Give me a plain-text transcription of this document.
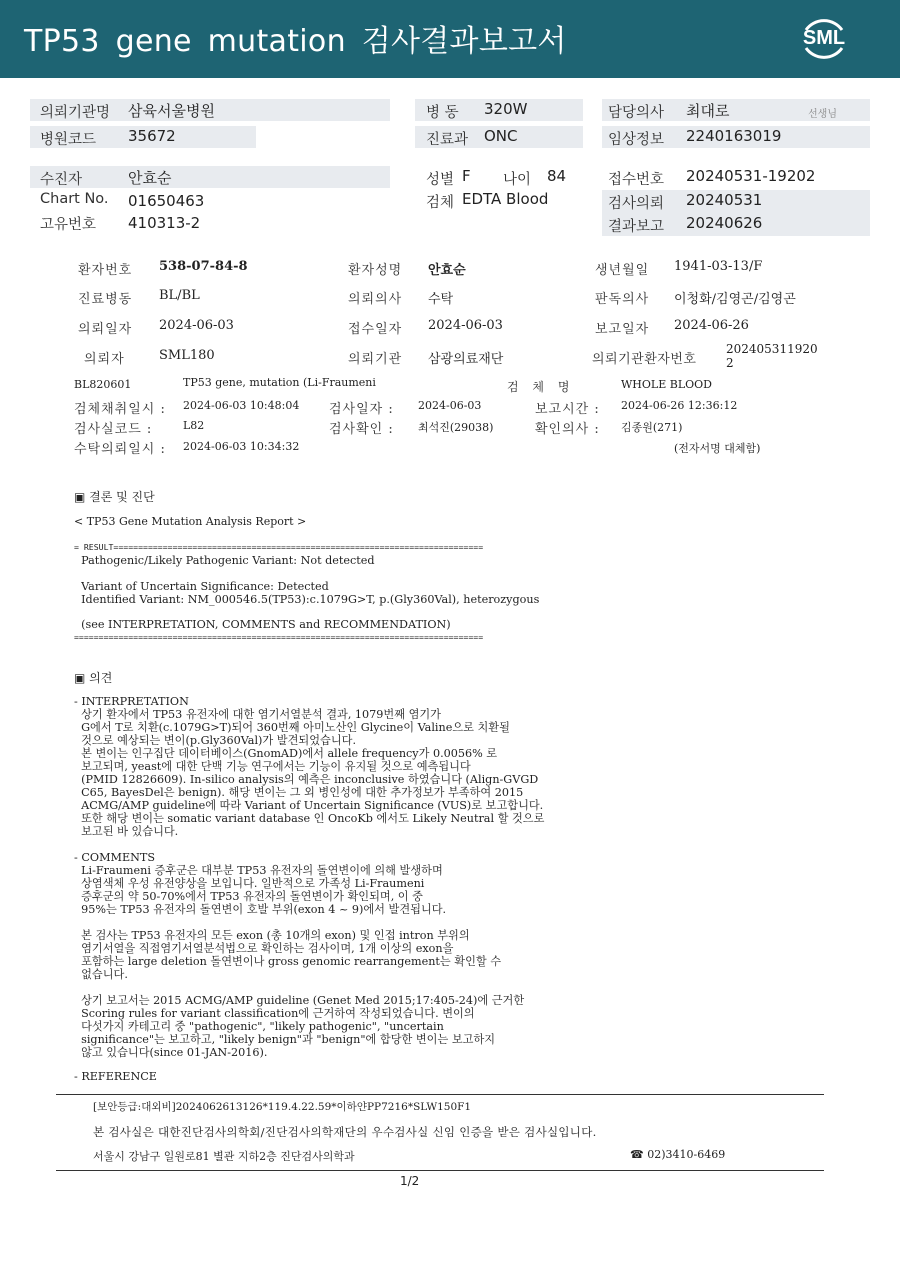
TP53 gene mutation 검사결과보고서	SML
의뢰기관명 삼육서울병원
병원코드 35672
병 동 320W
진료과 ONC
담당의사 최대로	선생님
임상정보 2240163019
수진자	안효순
Chart No. 01650463
고유번호 410313-2
성별 F 나이 84
검체 EDTA Blood
접수번호 20240531-19202
검사의뢰 20240531
결과보고 20240626
환자번호 538-07-84-8	환자성명 안효순	생년월일 1941-03-13/F
진료병동 BL/BL	의뢰의사 수탁	판독의사 이청화/김영곤/김영곤
의뢰일자 2024-06-03	접수일자 2024-06-03	보고일자 2024-06-26
의뢰자	SML180	의뢰기관 삼광의료재단	의뢰기관환자번호
202405311920
2
BL820601	TP53 gene, mutation (Li-Fraumeni	검 체 명	WHOLE BLOOD
검체채취일시 : 2024-06-03 10:48:04 검사일자 : 2024-06-03	보고시간 : 2024-06-26 12:36:12
검사실코드 :	L82	검사확인 : 최석진(29038)	확인의사 : 김종원(271)
수탁의뢰일시 : 2024-06-03 10:34:32	(전자서명 대체함)
▣ 결론 및 진단
< TP53 Gene Mutation Analysis Report >
= RESULT===========================================================================
Pathogenic/Likely Pathogenic Variant: Not detected
Variant of Uncertain Significance: Detected
Identified Variant: NM_000546.5(TP53):c.1079G>T, p.(Gly360Val), heterozygous
(see INTERPRETATION, COMMENTS and RECOMMENDATION)
===================================================================================
▣ 의견
- INTERPRETATION
상기 환자에서 TP53 유전자에 대한 염기서열분석 결과, 1079번째 염기가
G에서 T로 치환(c.1079G>T)되어 360번째 아미노산인 Glycine이 Valine으로 치환될
것으로 예상되는 변이(p.Gly360Val)가 발견되었습니다.
본 변이는 인구집단 데이터베이스(GnomAD)에서 allele frequency가 0.0056% 로
보고되며, yeast에 대한 단백 기능 연구에서는 기능이 유지될 것으로 예측됩니다
(PMID 12826609). In-silico analysis의 예측은 inconclusive 하였습니다 (Align-GVGD
C65, BayesDel은 benign). 해당 변이는 그 외 병인성에 대한 추가정보가 부족하여 2015
ACMG/AMP guideline에 따라 Variant of Uncertain Significance (VUS)로 보고합니다.
또한 해당 변이는 somatic variant database 인 OncoKb 에서도 Likely Neutral 할 것으로
보고된 바 있습니다.
- COMMENTS
Li-Fraumeni 증후군은 대부분 TP53 유전자의 돌연변이에 의해 발생하며
상염색체 우성 유전양상을 보입니다. 일반적으로 가족성 Li-Fraumeni
증후군의 약 50-70%에서 TP53 유전자의 돌연변이가 확인되며, 이 중
95%는 TP53 유전자의 돌연변이 호발 부위(exon 4 ~ 9)에서 발견됩니다.
본 검사는 TP53 유전자의 모든 exon (총 10개의 exon) 및 인접 intron 부위의
염기서열을 직접염기서열분석법으로 확인하는 검사이며, 1개 이상의 exon을
포함하는 large deletion 돌연변이나 gross genomic rearrangement는 확인할 수
없습니다.
상기 보고서는 2015 ACMG/AMP guideline (Genet Med 2015;17:405-24)에 근거한
Scoring rules for variant classification에 근거하여 작성되었습니다. 변이의
다섯가지 카테고리 중 "pathogenic", "likely pathogenic", "uncertain
significance"는 보고하고, "likely benign"과 "benign"에 합당한 변이는 보고하지
않고 있습니다(since 01-JAN-2016).
- REFERENCE
[보안등급:대외비]2024062613126*119.4.22.59*이하얀PP7216*SLW150F1
본 검사실은 대한진단검사의학회/진단검사의학재단의 우수검사실 신임 인증을 받은 검사실입니다.
서울시 강남구 일원로81 별관 지하2층 진단검사의학과	☎ 02)3410-6469
1/2
